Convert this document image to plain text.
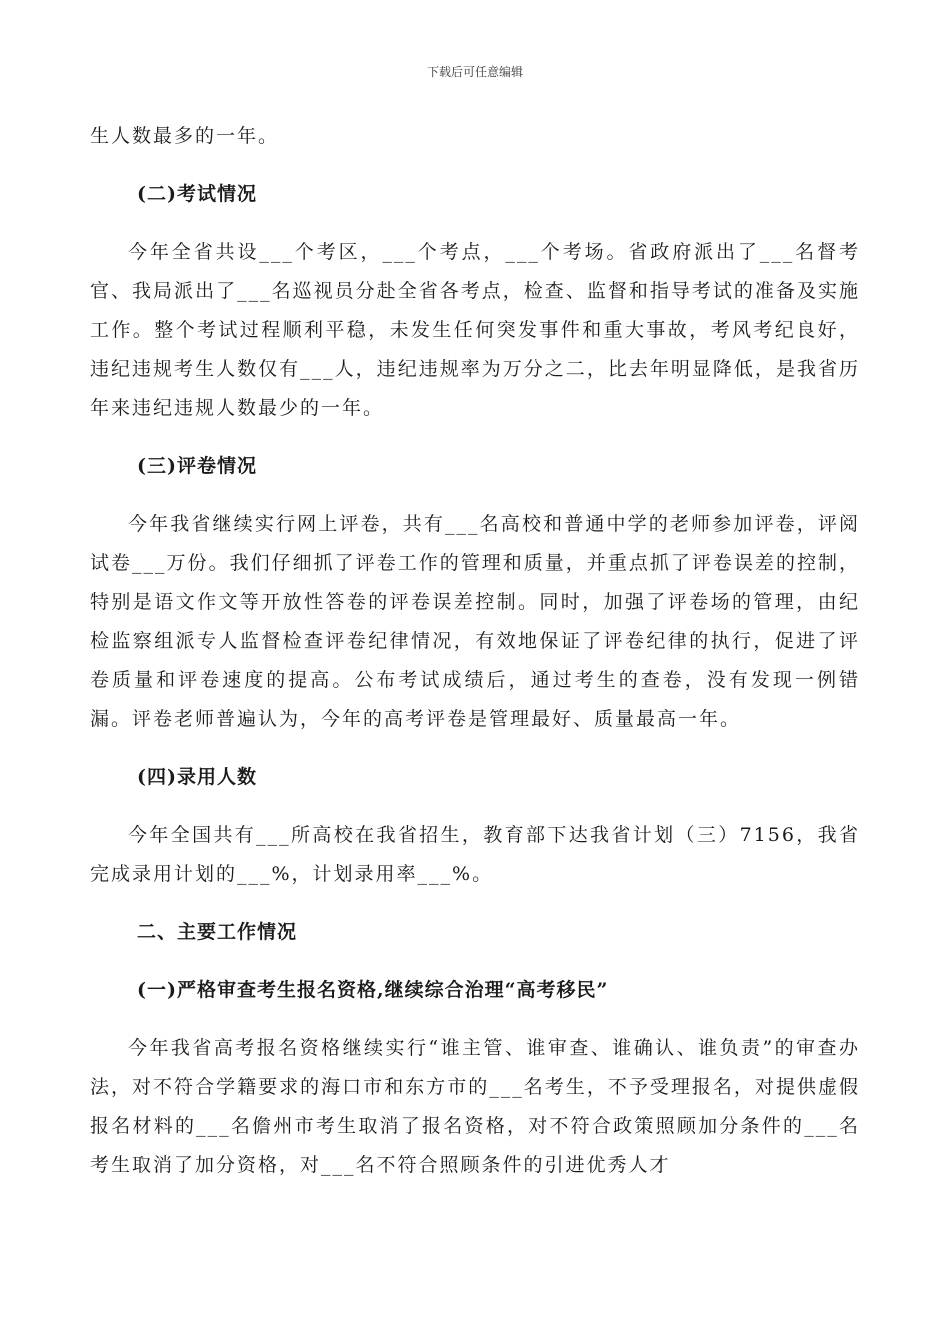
下载后可任意编辑

生人数最多的一年。

(二)考试情况

今年全省共设___个考区，___个考点，___个考场。省政府派出了___名督考官、我局派出了___名巡视员分赴全省各考点，检查、监督和指导考试的准备及实施工作。整个考试过程顺利平稳，未发生任何突发事件和重大事故，考风考纪良好，违纪违规考生人数仅有___人，违纪违规率为万分之二，比去年明显降低，是我省历年来违纪违规人数最少的一年。

(三)评卷情况

今年我省继续实行网上评卷，共有___名高校和普通中学的老师参加评卷，评阅试卷___万份。我们仔细抓了评卷工作的管理和质量，并重点抓了评卷误差的控制，特别是语文作文等开放性答卷的评卷误差控制。同时，加强了评卷场的管理，由纪检监察组派专人监督检查评卷纪律情况，有效地保证了评卷纪律的执行，促进了评卷质量和评卷速度的提高。公布考试成绩后，通过考生的查卷，没有发现一例错漏。评卷老师普遍认为，今年的高考评卷是管理最好、质量最高一年。

(四)录用人数

今年全国共有___所高校在我省招生，教育部下达我省计划（三）7156，我省完成录用计划的___%，计划录用率___%。

二、主要工作情况

(一)严格审查考生报名资格,继续综合治理“高考移民”

今年我省高考报名资格继续实行“谁主管、谁审查、谁确认、谁负责”的审查办法，对不符合学籍要求的海口市和东方市的___名考生，不予受理报名，对提供虚假报名材料的___名儋州市考生取消了报名资格，对不符合政策照顾加分条件的___名考生取消了加分资格，对___名不符合照顾条件的引进优秀人才
